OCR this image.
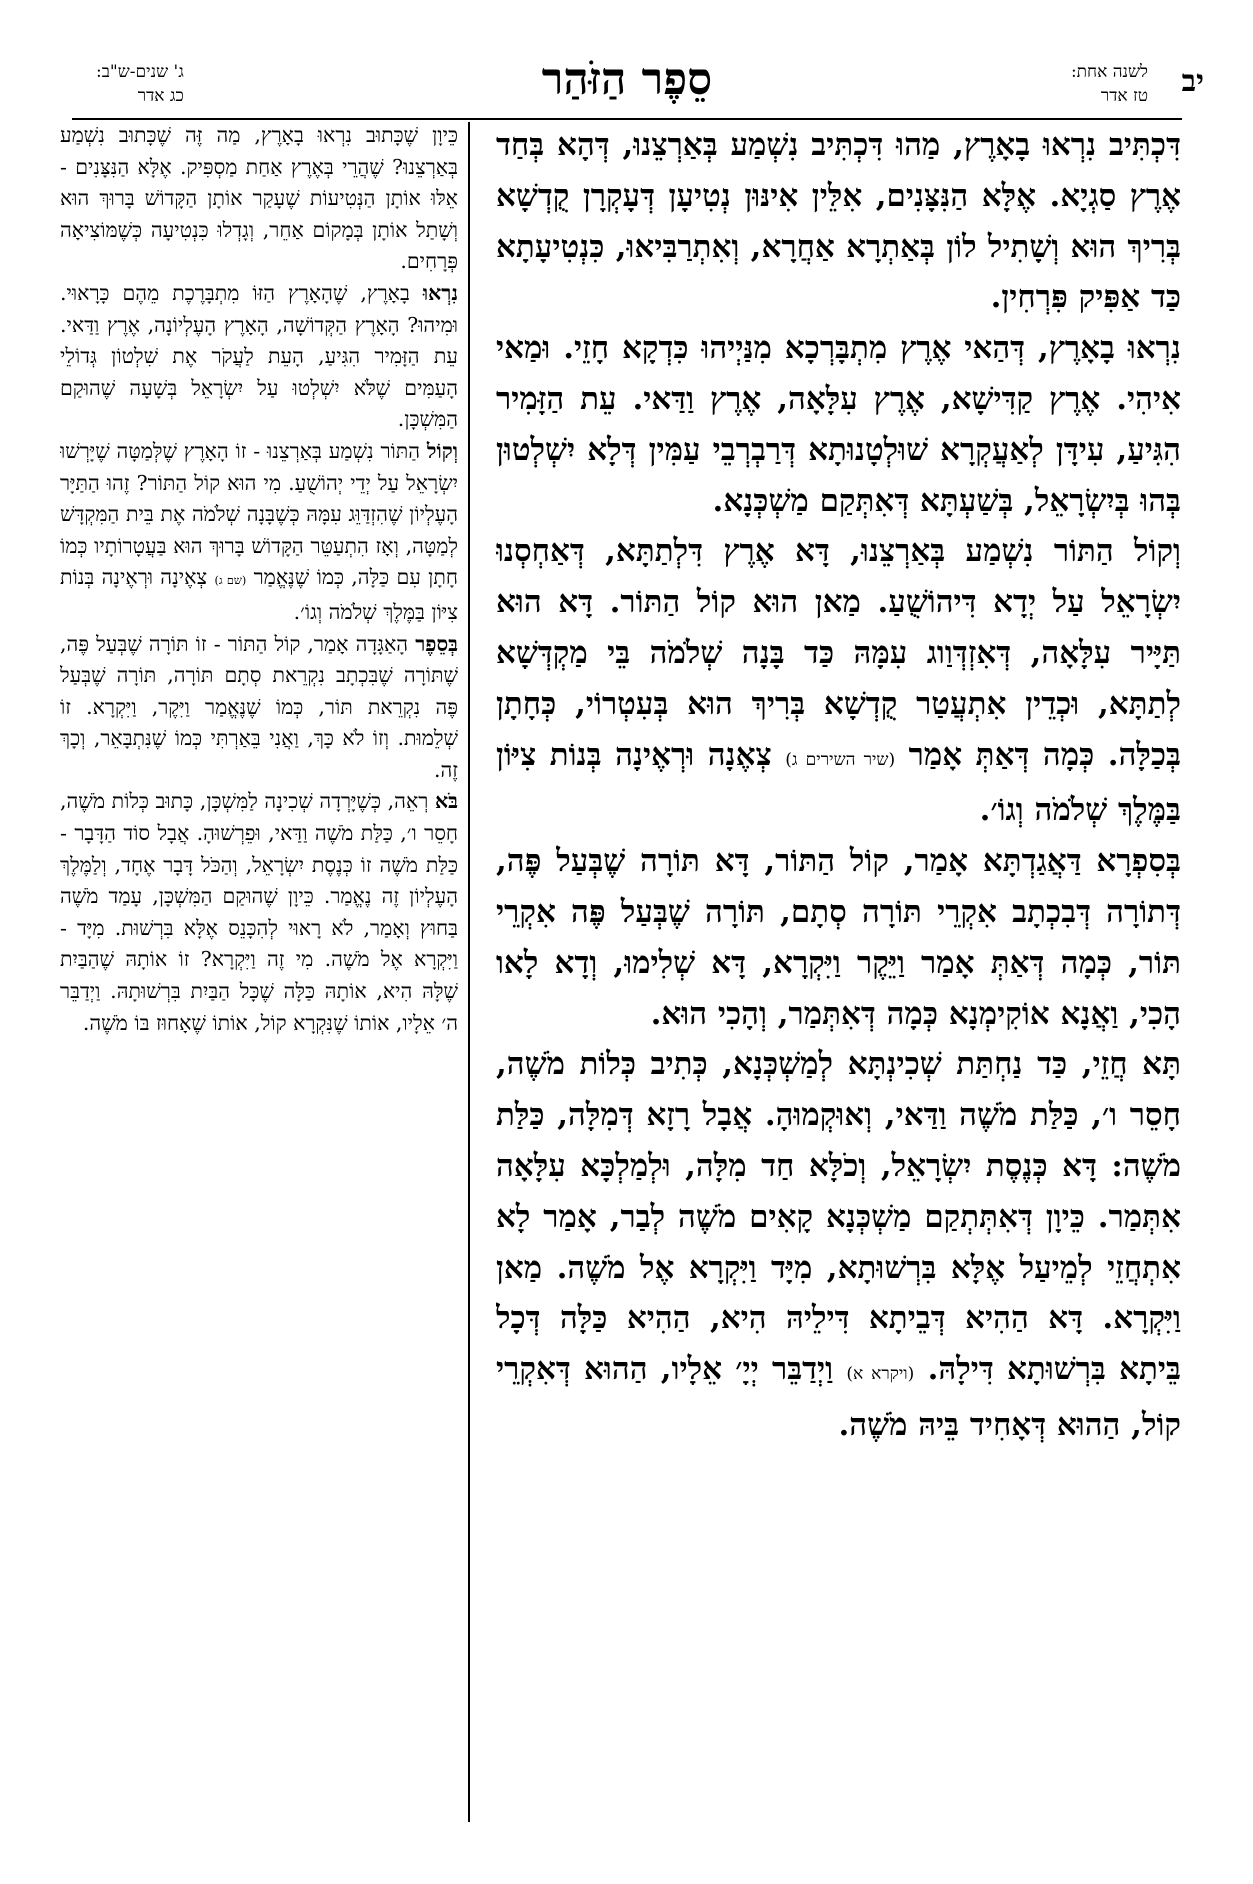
יב
לשנה אחת:
טז אדר
סֵפֶר הַזֹּהַר
ג' שנים-ש"ב:
כג אדר

דִּכְתִּיב נִרְאוּ בָאָרֶץ, מַהוּ דִּכְתִּיב נִשְׁמַע בְּאַרְצֵנוּ, דְּהָא בְּחַד אֶרֶץ סַגְיָא. אֶלָּא הַנִּצָּנִים, אִלֵּין אִינּוּן נְטִיעָן דְּעָקְרָן קֻדְשָׁא בְּרִיךְ הוּא וְשָׁתִיל לוֹן בְּאַתְרָא אַחֲרָא, וְאִתְרַבִּיאוּ, כִּנְטִיעָתָא כַּד אַפִּיק פִּרְחִין.

נִרְאוּ בָאָרֶץ, דְּהַאי אֶרֶץ מִתְבָּרְכָא מִנַּיְיהוּ כִּדְקָא חָזֵי. וּמַאי אִיהִי. אֶרֶץ קַדִּישָׁא, אֶרֶץ עִלָּאָה, אֶרֶץ וַדַּאי. עֵת הַזָּמִיר הִגִּיעַ, עִידָּן לְאַעֲקְרָא שׁוּלְטָנוּתָא דְּרַבְרְבֵי עַמִּין דְּלָא יִשְׁלְטוּן בְּהוּ בְּיִשְׂרָאֵל, בְּשַׁעְתָּא דְּאִתְּקַם מַשְׁכְּנָא.

וְקוֹל הַתּוֹר נִשְׁמַע בְּאַרְצֵנוּ, דָּא אֶרֶץ דִּלְתַתָּא, דְּאַחְסְנוּ יִשְׂרָאֵל עַל יְדָא דִּיהוֹשֻׁעַ. מַאן הוּא קוֹל הַתּוֹר. דָּא הוּא תַּיָּיר עִלָּאָה, דְּאִזְדְּוַוג עִמָּהּ כַּד בָּנָה שְׁלֹמֹה בֵּי מַקְדְּשָׁא לְתַתָּא, וּכְדֵין אִתְעֲטַר קֻדְשָׁא בְּרִיךְ הוּא בְּעִטְרוֹי, כְּחָתָן בְּכַלָּה. כְּמָה דְּאַתְּ אָמַר (שיר השירים ג) צְאֶנָה וּרְאֶינָה בְּנוֹת צִיּוֹן בַּמֶּלֶךְ שְׁלֹמֹה וְגוֹ׳.

בְּסִפְרָא דַּאֲגַדְתָּא אָמַר, קוֹל הַתּוֹר, דָּא תּוֹרָה שֶׁבְּעַל פֶּה, דְּתוֹרָה דְּבִכְתָב אִקְרֵי תּוֹרָה סְתָם, תּוֹרָה שֶׁבְּעַל פֶּה אִקְרֵי תּוֹר, כְּמָה דְּאַתְּ אָמַר וַיֵּקֶר וַיִּקְרָא, דָּא שְׁלִימוּ, וְדָא לָאו הָכִי, וַאֲנָא אוֹקִימְנָא כְּמָה דְּאִתְּמַר, וְהָכִי הוּא.

תָּא חֲזֵי, כַּד נַחְתַּת שְׁכִינְתָּא לְמַשְׁכְּנָא, כְּתִיב כְּלוֹת מֹשֶׁה, חָסֵר ו׳, כַּלַּת מֹשֶׁה וַדַּאי, וְאוּקְמוּהָ. אֲבָל רָזָא דְּמִלָּה, כַּלַּת מֹשֶׁה: דָּא כְּנֶסֶת יִשְׂרָאֵל, וְכֹלָּא חַד מִלָּה, וּלְמַלְכָּא עִלָּאָה אִתְּמַר. כֵּיוָן דְּאִתְּתְקַם מַשְׁכְּנָא קָאִים מֹשֶׁה לְבַר, אָמַר לָא אִתְחֲזֵי לְמֵיעַל אֶלָּא בִּרְשׁוּתָא, מִיָּד וַיִּקְרָא אֶל מֹשֶׁה. מַאן וַיִּקְרָא. דָּא הַהִיא דְּבֵיתָא דִּילֵיהּ הִיא, הַהִיא כַּלָּה דְּכָל בֵּיתָא בִּרְשׁוּתָא דִּילָהּ. (ויקרא א) וַיְדַבֵּר יְיָ׳ אֵלָיו, הַהוּא דְּאִקְרֵי קוֹל, הַהוּא דְּאָחִיד בֵּיהּ מֹשֶׁה.

כֵּיוָן שֶׁכָּתוּב נִרְאוּ בָאָרֶץ, מַה זֶּה שֶׁכָּתוּב נִשְׁמַע בְּאַרְצֵנוּ? שֶׁהֲרֵי בְּאֶרֶץ אַחַת מַסְפִּיק. אֶלָּא הַנִּצָּנִים - אֵלּוּ אוֹתָן הַנְּטִיעוֹת שֶׁעָקַר אוֹתָן הַקָּדוֹשׁ בָּרוּךְ הוּא וְשָׁתַל אוֹתָן בְּמָקוֹם אַחֵר, וְגָדְלוּ כִּנְטִיעָה כְּשֶׁמּוֹצִיאָה פְּרָחִים.

נִרְאוּ בָאָרֶץ, שֶׁהָאָרֶץ הַזּוֹ מִתְבָּרֶכֶת מֵהֶם כָּרָאוּי. וּמִיהוּ? הָאָרֶץ הַקְּדוֹשָׁה, הָאָרֶץ הָעֶלְיוֹנָה, אֶרֶץ וַדַּאי. עֵת הַזָּמִיר הִגִּיעַ, הָעֵת לַעֲקֹר אֶת שִׁלְטוֹן גְּדוֹלֵי הָעַמִּים שֶׁלֹּא יִשְׁלְטוּ עַל יִשְׂרָאֵל בְּשָׁעָה שֶׁהוּקַם הַמִּשְׁכָּן.

וְקוֹל הַתּוֹר נִשְׁמַע בְּאַרְצֵנוּ - זוֹ הָאָרֶץ שֶׁלְּמַטָּה שֶׁיָּרְשׁוּ יִשְׂרָאֵל עַל יְדֵי יְהוֹשֻׁעַ. מִי הוּא קוֹל הַתּוֹר? זֶהוּ הַתַּיָּר הָעֶלְיוֹן שֶׁהִזְדַּוֵּג עִמָּהּ כְּשֶׁבָּנָה שְׁלֹמֹה אֶת בֵּית הַמִּקְדָּשׁ לְמַטָּה, וְאָז הִתְעַטֵּר הַקָּדוֹשׁ בָּרוּךְ הוּא בַּעֲטָרוֹתָיו כְּמוֹ חָתָן עִם כַּלָּה, כְּמוֹ שֶׁנֶּאֱמַר (שם ג) צְאֶינָה וּרְאֶינָה בְּנוֹת צִיּוֹן בַּמֶּלֶךְ שְׁלֹמֹה וְגוֹ׳.

בְּסֵפֶר הָאַגָּדָה אָמַר, קוֹל הַתּוֹר - זוֹ תּוֹרָה שֶׁבְּעַל פֶּה, שֶׁתּוֹרָה שֶׁבִּכְתָב נִקְרֵאת סְתָם תּוֹרָה, תּוֹרָה שֶׁבְּעַל פֶּה נִקְרֵאת תּוֹר, כְּמוֹ שֶׁנֶּאֱמַר וַיִּקֶר, וַיִּקְרָא. זוֹ שְׁלֵמוּת. וְזוֹ לֹא כָּךְ, וַאֲנִי בֵּאַרְתִּי כְּמוֹ שֶׁנִּתְבָּאֵר, וְכָךְ זֶה.

בֹּא רְאֵה, כְּשֶׁיָּרְדָה שְׁכִינָה לַמִּשְׁכָּן, כָּתוּב כְּלוֹת מֹשֶׁה, חָסֵר ו׳, כַּלַּת מֹשֶׁה וַדַּאי, וּפֵרְשׁוּהָ. אֲבָל סוֹד הַדָּבָר - כַּלַּת מֹשֶׁה זוֹ כְּנֶסֶת יִשְׂרָאֵל, וְהַכֹּל דָּבָר אֶחָד, וְלַמֶּלֶךְ הָעֶלְיוֹן זֶה נֶאֱמַר. כֵּיוָן שֶׁהוּקַם הַמִּשְׁכָּן, עָמַד מֹשֶׁה בַּחוּץ וְאָמַר, לֹא רָאוּי לְהִכָּנֵס אֶלָּא בִּרְשׁוּת. מִיָּד - וַיִּקְרָא אֶל מֹשֶׁה. מִי זֶה וַיִּקְרָא? זוֹ אוֹתָהּ שֶׁהַבַּיִת שֶׁלָּהּ הִיא, אוֹתָהּ כַּלָּה שֶׁכָּל הַבַּיִת בִּרְשׁוּתָהּ. וַיְדַבֵּר ה׳ אֵלָיו, אוֹתוֹ שֶׁנִּקְרָא קוֹל, אוֹתוֹ שֶׁאָחוּז בּוֹ מֹשֶׁה.
